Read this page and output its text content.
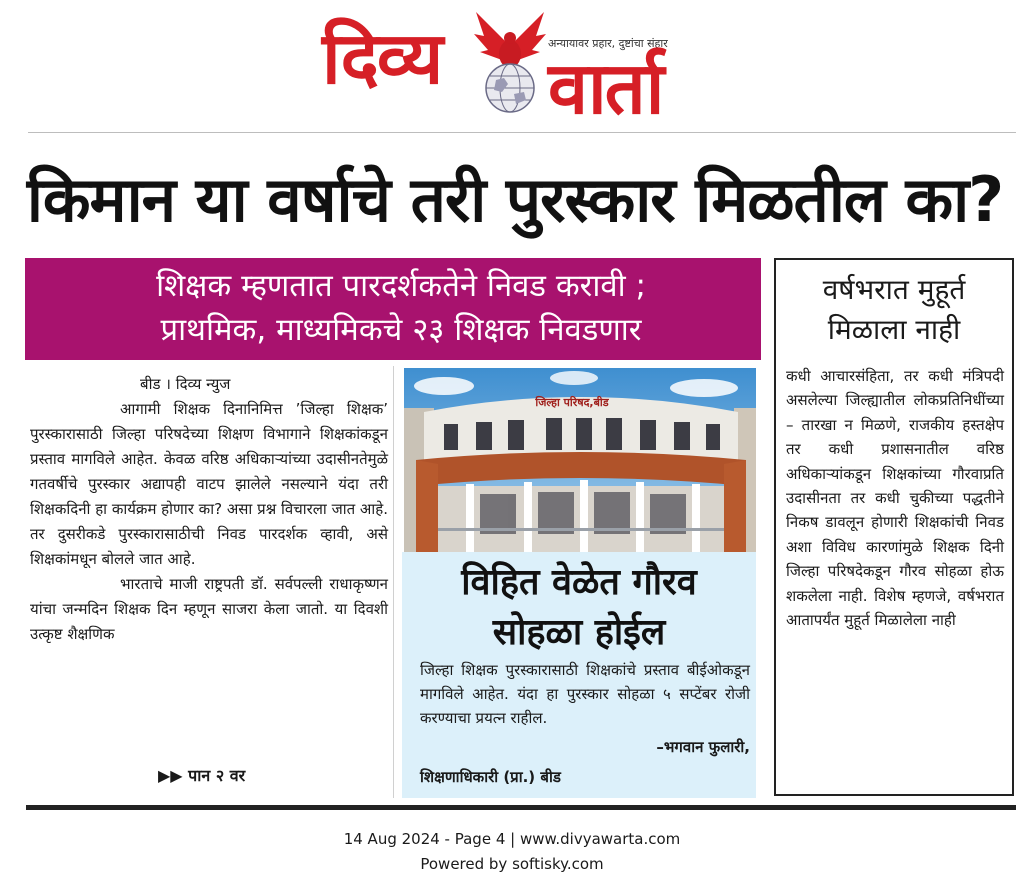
दिव्य	अन्यायावर प्रहार, दुष्टांचा संहार
वार्ता
किमान या वर्षाचे तरी पुरस्कार मिळतील का?
शिक्षक म्हणतात पारदर्शकतेने निवड करावी ;
प्राथमिक, माध्यमिकचे २३ शिक्षक निवडणार

बीड । दिव्य न्युज

आगामी शिक्षक दिनानिमित्त ’जिल्हा शिक्षक’ पुरस्कारासाठी जिल्हा परिषदेच्या शिक्षण विभागाने शिक्षकांकडून प्रस्ताव मागविले आहेत. केवळ वरिष्ठ अधिकाऱ्यांच्या उदासीनतेमुळे गतवर्षीचे पुरस्कार अद्यापही वाटप झालेले नसल्याने यंदा तरी शिक्षकदिनी हा कार्यक्रम होणार का? असा प्रश्न विचारला जात आहे. तर दुसरीकडे पुरस्कारासाठीची निवड पारदर्शक व्हावी, असे शिक्षकांमधून बोलले जात आहे.

भारताचे माजी राष्ट्रपती डॉ. सर्वपल्ली राधाकृष्णन यांचा जन्मदिन शिक्षक दिन म्हणून साजरा केला जातो. या दिवशी उत्कृष्ट शैक्षणिक

▶▶ पान २ वर
जिल्हा परिषद,बीड
विहित वेळेत गौरव
सोहळा होईल
जिल्हा शिक्षक पुरस्कारासाठी शिक्षकांचे प्रस्ताव बीईओकडून मागविले आहेत. यंदा हा पुरस्कार सोहळा ५ सप्टेंबर रोजी करण्याचा प्रयत्न राहील.
–भगवान फुलारी,
शिक्षणाधिकारी (प्रा.) बीड
वर्षभरात मुहूर्त
मिळाला नाही
कधी आचारसंहिता, तर कधी मंत्रिपदी असलेल्या जिल्ह्यातील लोकप्रतिनिधींच्या – तारखा न मिळणे, राजकीय हस्तक्षेप तर कधी प्रशासनातील वरिष्ठ अधिकाऱ्यांकडून शिक्षकांच्या गौरवाप्रति उदासीनता तर कधी चुकीच्या पद्धतीने निकष डावलून होणारी शिक्षकांची निवड अशा विविध कारणांमुळे शिक्षक दिनी जिल्हा परिषदेकडून गौरव सोहळा होऊ शकलेला नाही. विशेष म्हणजे, वर्षभरात आतापर्यंत मुहूर्त मिळालेला नाही
14 Aug 2024 - Page 4 | www.divyawarta.com
Powered by softisky.com
